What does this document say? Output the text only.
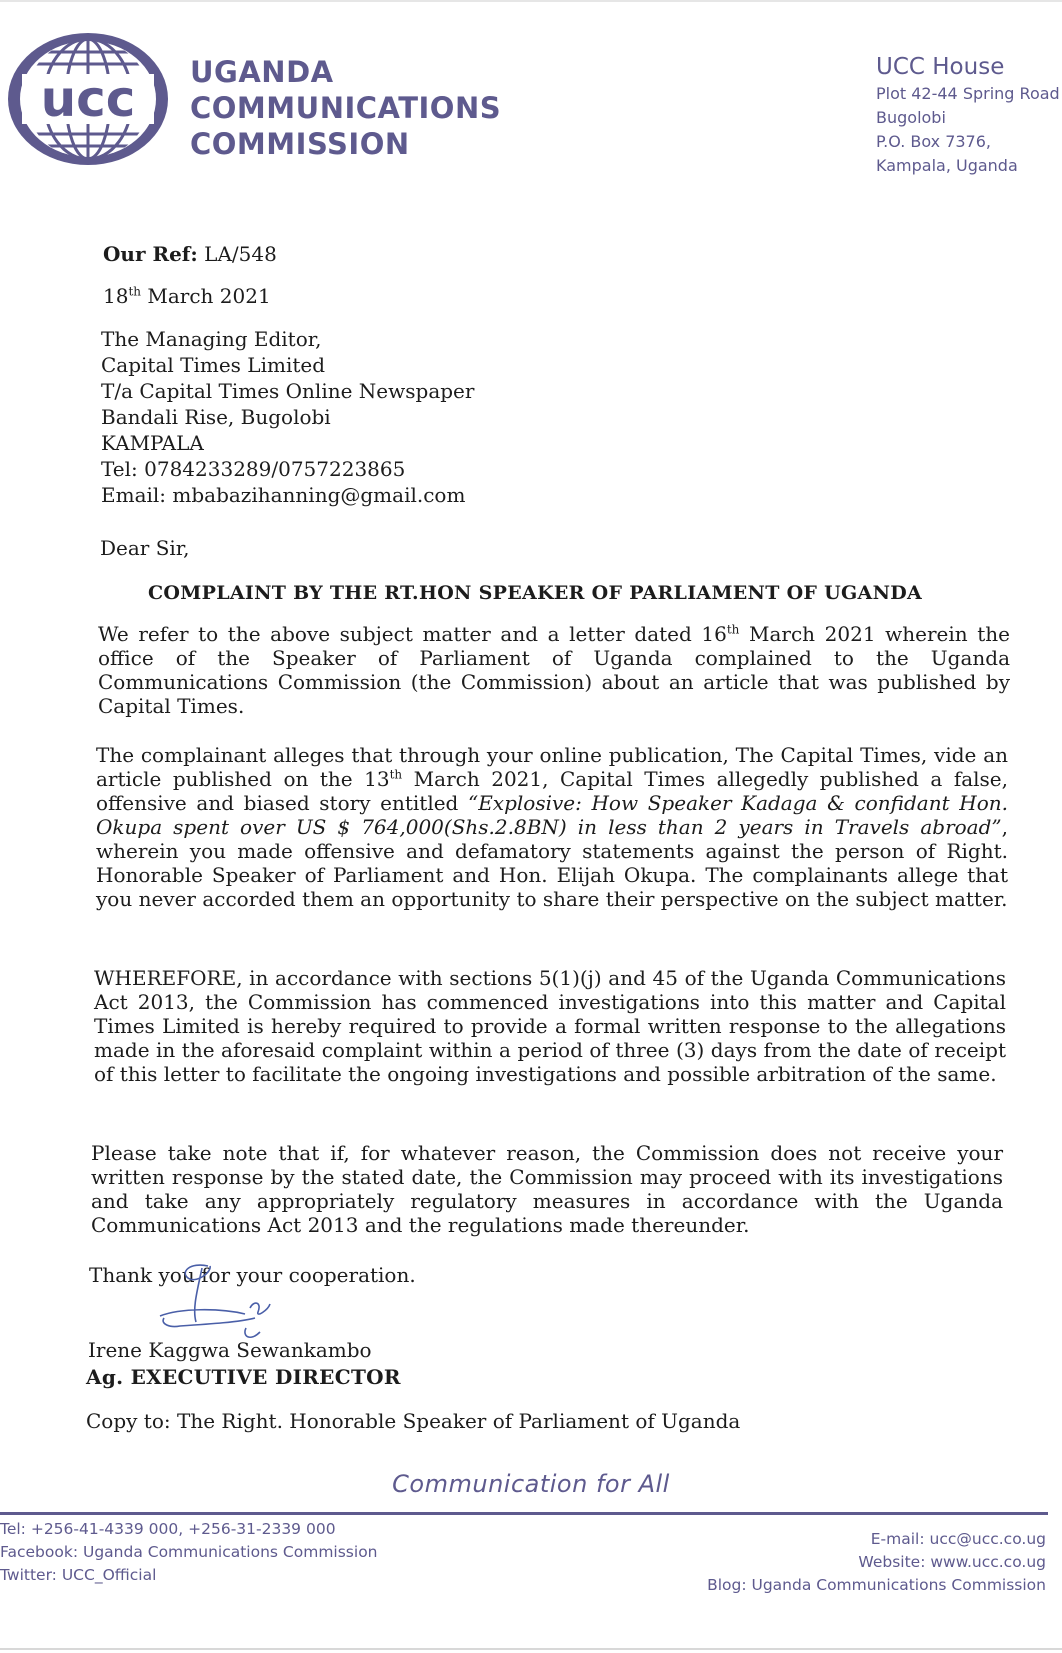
ucc UGANDA
COMMUNICATIONS
COMMISSION
UCC House
Plot 42-44 Spring Road
Bugolobi
P.O. Box 7376,
Kampala, Uganda
Our Ref: LA/548
18th March 2021
The Managing Editor,
Capital Times Limited
T/a Capital Times Online Newspaper
Bandali Rise, Bugolobi
KAMPALA
Tel: 0784233289/0757223865
Email: mbabazihanning@gmail.com
Dear Sir,
COMPLAINT BY THE RT.HON SPEAKER OF PARLIAMENT OF UGANDA
We refer to the above subject matter and a letter dated 16th March 2021 wherein the office of the Speaker of Parliament of Uganda complained to the Uganda Communications Commission (the Commission) about an article that was published by Capital Times.
The complainant alleges that through your online publication, The Capital Times, vide an article published on the 13th March 2021, Capital Times allegedly published a false, offensive and biased story entitled “Explosive: How Speaker Kadaga & confidant Hon. Okupa spent over US $ 764,000(Shs.2.8BN) in less than 2 years in Travels abroad”, wherein you made offensive and defamatory statements against the person of Right. Honorable Speaker of Parliament and Hon. Elijah Okupa. The complainants allege that you never accorded them an opportunity to share their perspective on the subject matter.
WHEREFORE, in accordance with sections 5(1)(j) and 45 of the Uganda Communications Act 2013, the Commission has commenced investigations into this matter and Capital Times Limited is hereby required to provide a formal written response to the allegations made in the aforesaid complaint within a period of three (3) days from the date of receipt of this letter to facilitate the ongoing investigations and possible arbitration of the same.
Please take note that if, for whatever reason, the Commission does not receive your written response by the stated date, the Commission may proceed with its investigations and take any appropriately regulatory measures in accordance with the Uganda Communications Act 2013 and the regulations made thereunder.
Thank you for your cooperation.
Irene Kaggwa Sewankambo
Ag. EXECUTIVE DIRECTOR
Copy to: The Right. Honorable Speaker of Parliament of Uganda
Communication for All
Tel: +256-41-4339 000, +256-31-2339 000
Facebook: Uganda Communications Commission
Twitter: UCC_Official
E-mail: ucc@ucc.co.ug
Website: www.ucc.co.ug
Blog: Uganda Communications Commission
